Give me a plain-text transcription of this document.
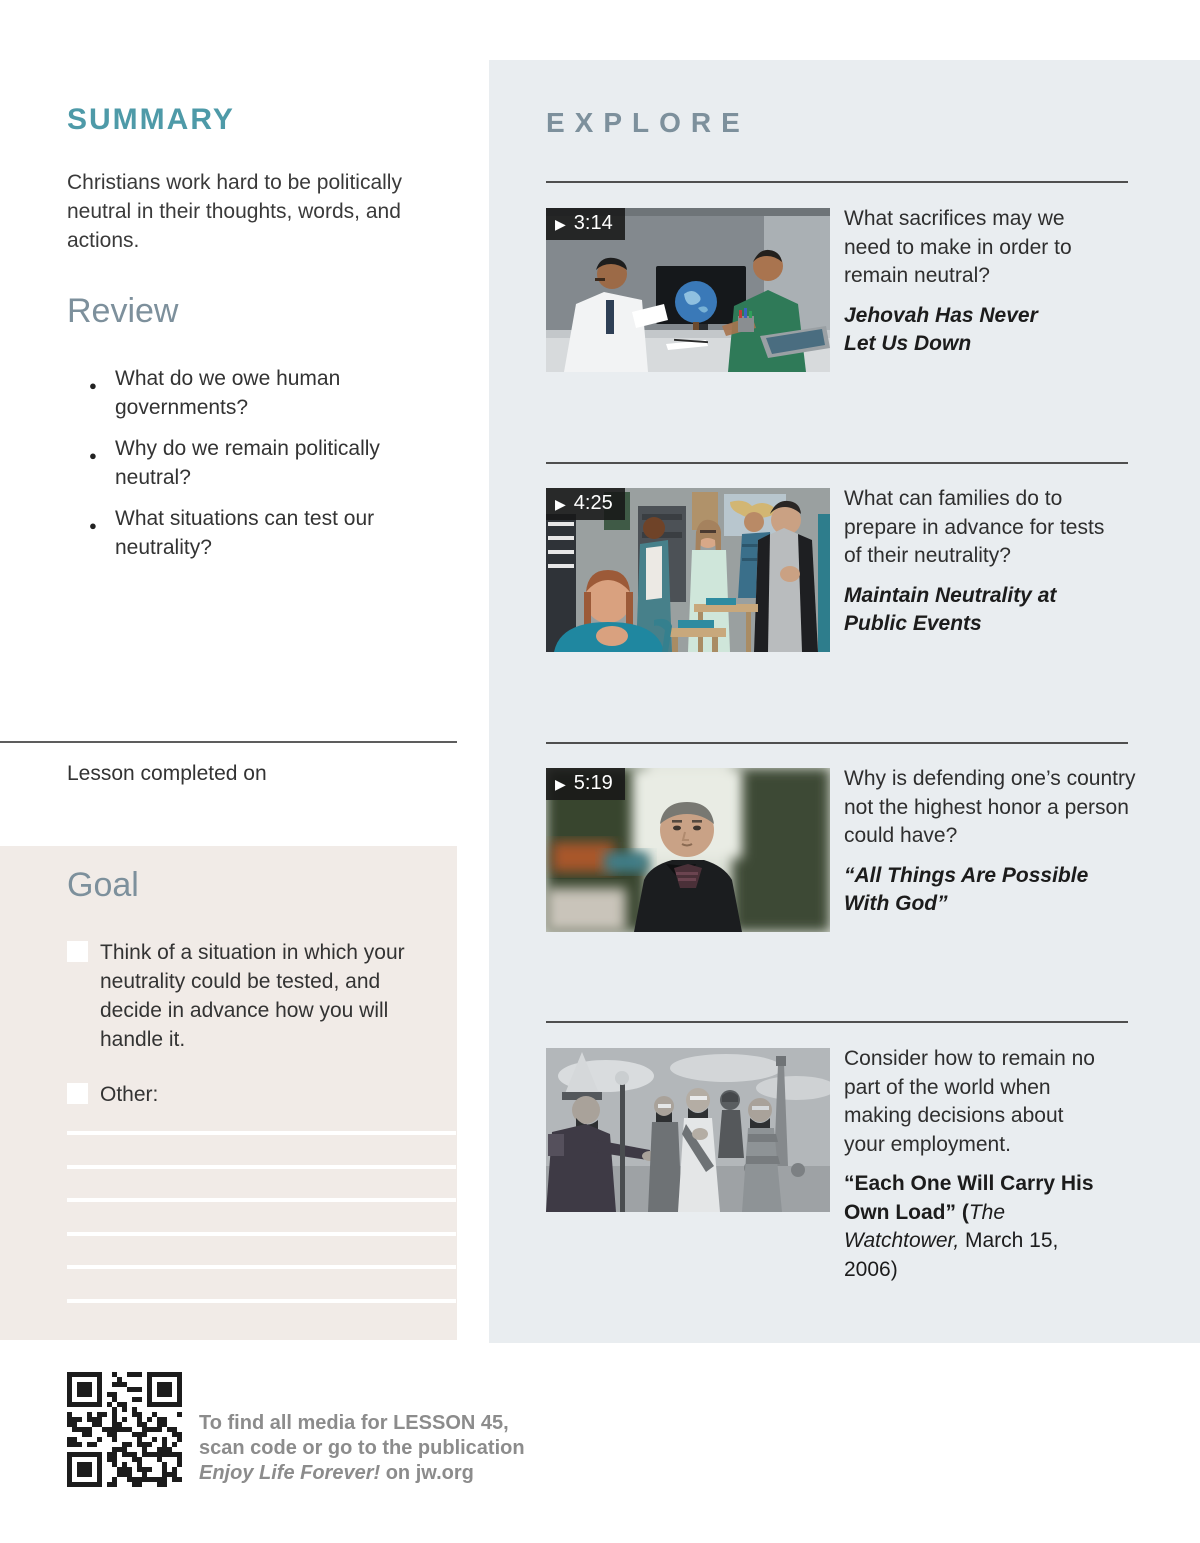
SUMMARY
Christians work hard to be politically neutral in their thoughts, words, and actions.
Review
● What do we owe human governments?
● Why do we remain politically neutral?
● What situations can test our neutrality?
Lesson completed on
Goal
Think of a situation in which your neutrality could be tested, and decide in advance how you will handle it.
Other:
To find all media for LESSON 45,
scan code or go to the publication
Enjoy Life Forever! on jw.org
EXPLORE
▶ 3:14
▶ 4:25
▶ 5:19

What sacrifices may we need to make in order to remain neutral?

Jehovah Has Never Let Us Down

What can families do to prepare in advance for tests of their neutrality?

Maintain Neutrality at Public Events

Why is defending one’s country not the highest honor a person could have?

“All Things Are Possible With God”

Consider how to remain no part of the world when making decisions about your employment.

“Each One Will Carry His Own Load” (The Watchtower, March 15, 2006)
